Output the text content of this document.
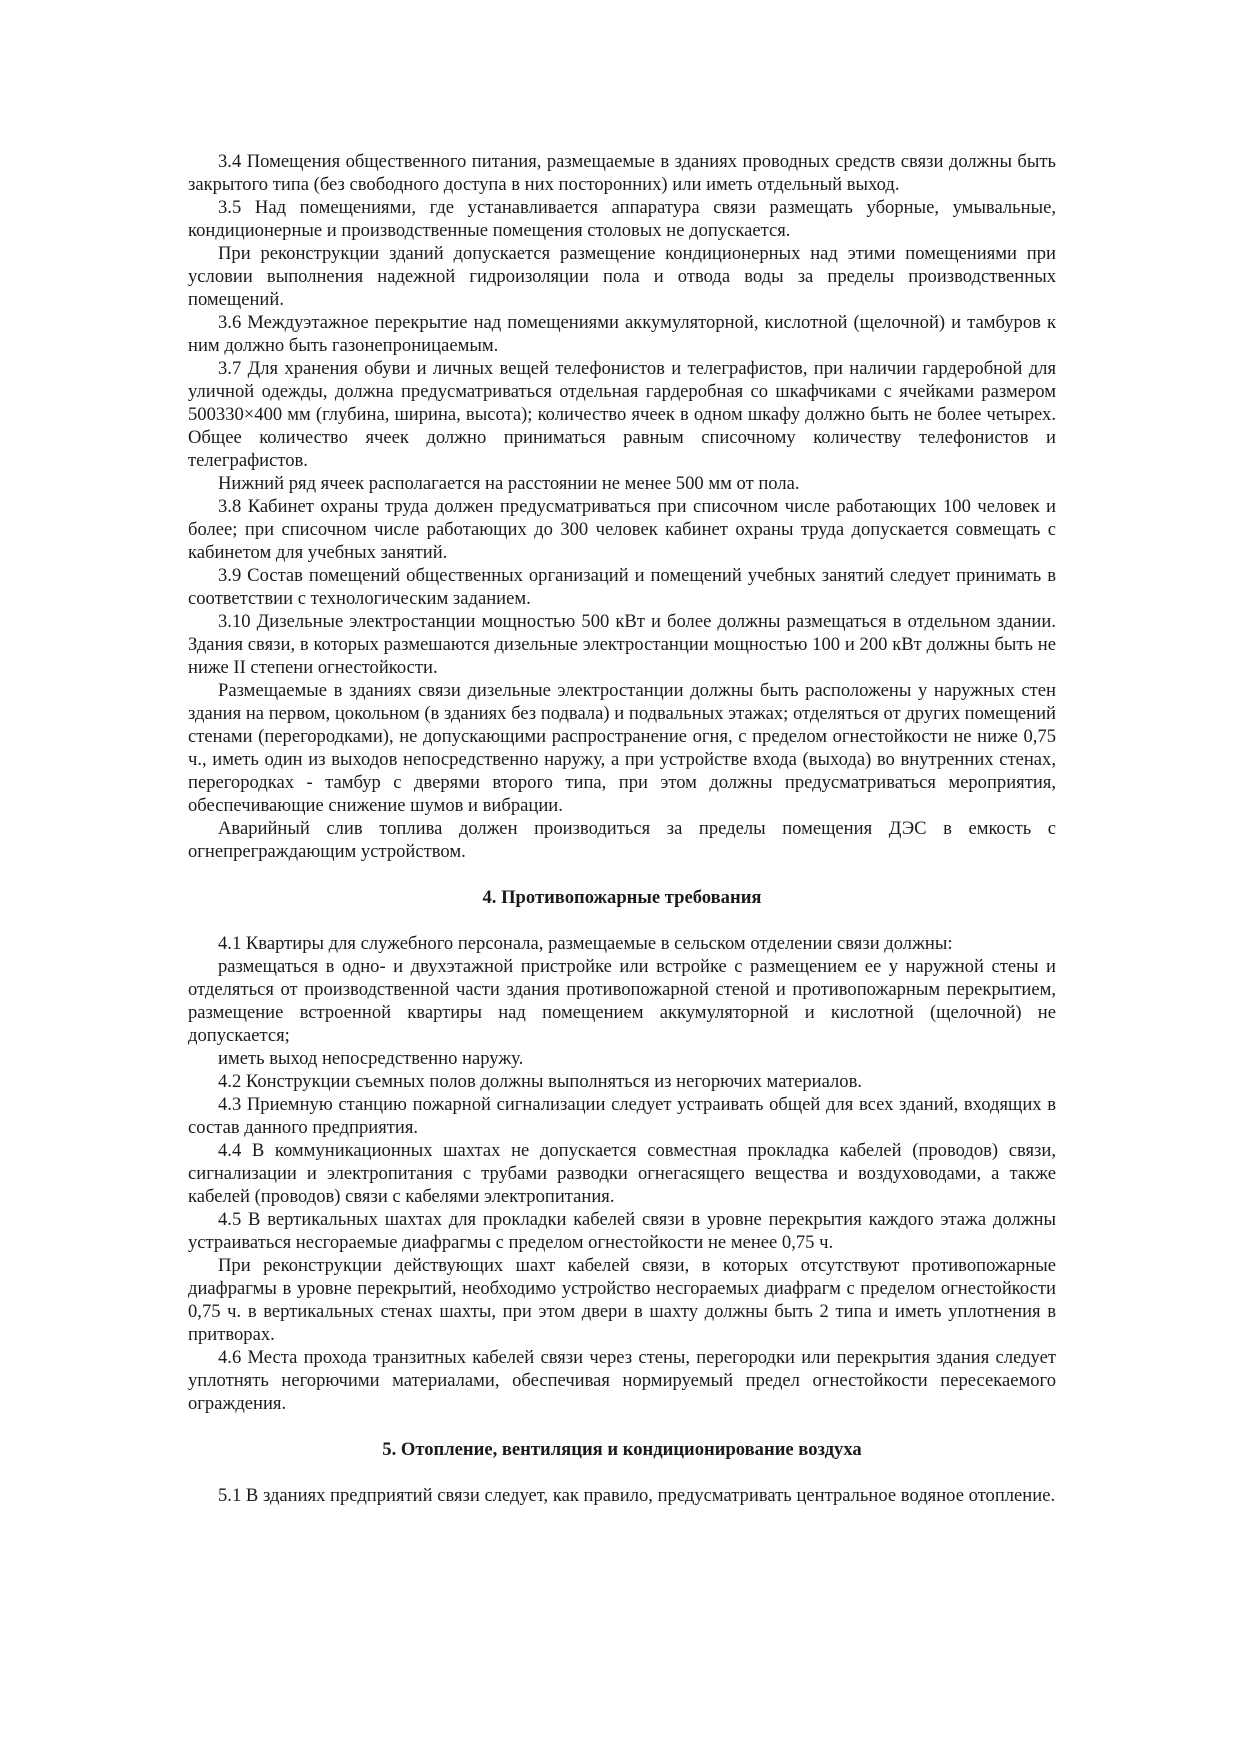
3.4 Помещения общественного питания, размещаемые в зданиях проводных средств связи должны быть закрытого типа (без свободного доступа в них посторонних) или иметь отдельный выход.

3.5 Над помещениями, где устанавливается аппаратура связи размещать уборные, умывальные, кондиционерные и производственные помещения столовых не допускается.

При реконструкции зданий допускается размещение кондиционерных над этими помещениями при условии выполнения надежной гидроизоляции пола и отвода воды за пределы производственных помещений.

3.6 Междуэтажное перекрытие над помещениями аккумуляторной, кислотной (щелочной) и тамбуров к ним должно быть газонепроницаемым.

3.7 Для хранения обуви и личных вещей телефонистов и телеграфистов, при наличии гардеробной для уличной одежды, должна предусматриваться отдельная гардеробная со шкафчиками с ячейками размером 500330×400 мм (глубина, ширина, высота); количество ячеек в одном шкафу должно быть не более четырех. Общее количество ячеек должно приниматься равным списочному количеству телефонистов и телеграфистов.

Нижний ряд ячеек располагается на расстоянии не менее 500 мм от пола.

3.8 Кабинет охраны труда должен предусматриваться при списочном числе работающих 100 человек и более; при списочном числе работающих до 300 человек кабинет охраны труда допускается совмещать с кабинетом для учебных занятий.

3.9 Состав помещений общественных организаций и помещений учебных занятий следует принимать в соответствии с технологическим заданием.

3.10 Дизельные электростанции мощностью 500 кВт и более должны размещаться в отдельном здании. Здания связи, в которых размешаются дизельные электростанции мощностью 100 и 200 кВт должны быть не ниже II степени огнестойкости.

Размещаемые в зданиях связи дизельные электростанции должны быть расположены у наружных стен здания на первом, цокольном (в зданиях без подвала) и подвальных этажах; отделяться от других помещений стенами (перегородками), не допускающими распространение огня, с пределом огнестойкости не ниже 0,75 ч., иметь один из выходов непосредственно наружу, а при устройстве входа (выхода) во внутренних стенах, перегородках - тамбур с дверями второго типа, при этом должны предусматриваться мероприятия, обеспечивающие снижение шумов и вибрации.

Аварийный слив топлива должен производиться за пределы помещения ДЭС в емкость с огнепреграждающим устройством.

4. Противопожарные требования

4.1 Квартиры для служебного персонала, размещаемые в сельском отделении связи должны:

размещаться в одно- и двухэтажной пристройке или встройке с размещением ее у наружной стены и отделяться от производственной части здания противопожарной стеной и противопожарным перекрытием, размещение встроенной квартиры над помещением аккумуляторной и кислотной (щелочной) не допускается;

иметь выход непосредственно наружу.

4.2 Конструкции съемных полов должны выполняться из негорючих материалов.

4.3 Приемную станцию пожарной сигнализации следует устраивать общей для всех зданий, входящих в состав данного предприятия.

4.4 В коммуникационных шахтах не допускается совместная прокладка кабелей (проводов) связи, сигнализации и электропитания с трубами разводки огнегасящего вещества и воздуховодами, а также кабелей (проводов) связи с кабелями электропитания.

4.5 В вертикальных шахтах для прокладки кабелей связи в уровне перекрытия каждого этажа должны устраиваться несгораемые диафрагмы с пределом огнестойкости не менее 0,75 ч.

При реконструкции действующих шахт кабелей связи, в которых отсутствуют противопожарные диафрагмы в уровне перекрытий, необходимо устройство несгораемых диафрагм с пределом огнестойкости 0,75 ч. в вертикальных стенах шахты, при этом двери в шахту должны быть 2 типа и иметь уплотнения в притворах.

4.6 Места прохода транзитных кабелей связи через стены, перегородки или перекрытия здания следует уплотнять негорючими материалами, обеспечивая нормируемый предел огнестойкости пересекаемого ограждения.

5. Отопление, вентиляция и кондиционирование воздуха

5.1 В зданиях предприятий связи следует, как правило, предусматривать центральное водяное отопление.
